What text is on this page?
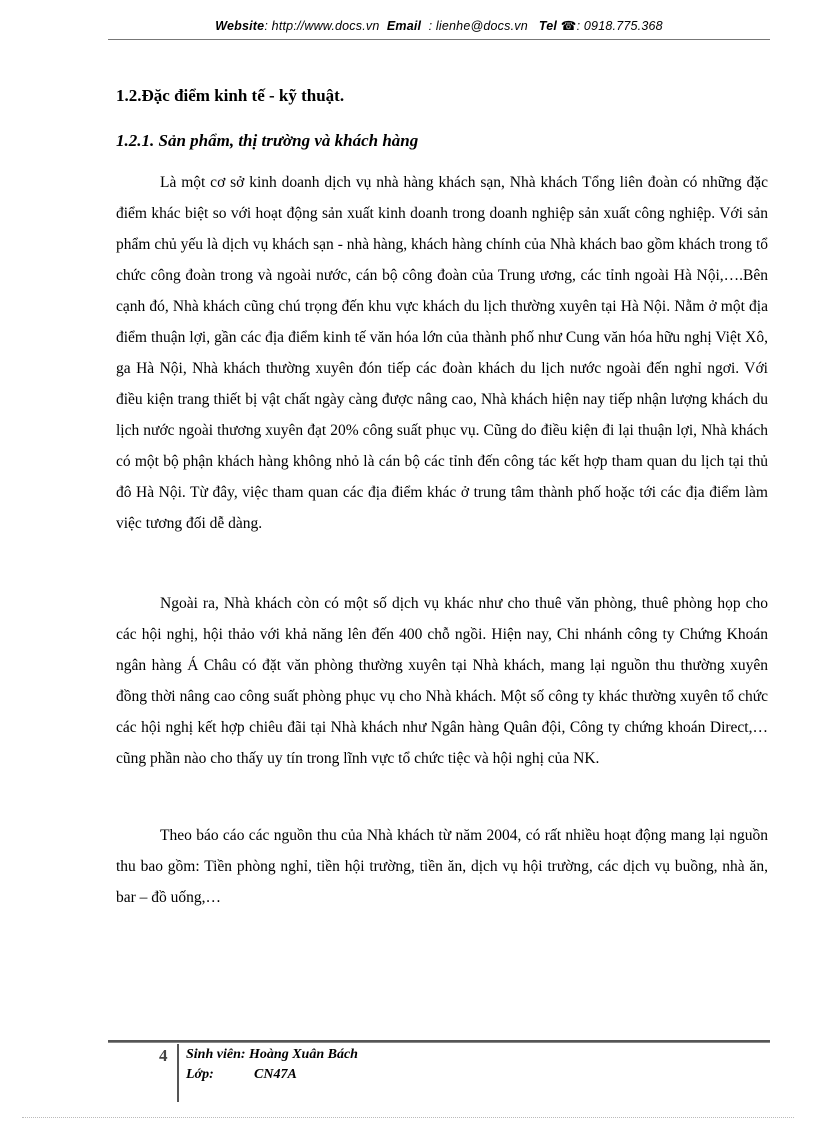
Website: http://www.docs.vn Email : lienhe@docs.vn Tel ☎: 0918.775.368
1.2.Đặc điểm kinh tế - kỹ thuật.
1.2.1. Sản phẩm, thị trường và khách hàng

Là một cơ sở kinh doanh dịch vụ nhà hàng khách sạn, Nhà khách Tổng liên đoàn có những đặc điểm khác biệt so với hoạt động sản xuất kinh doanh trong doanh nghiệp sản xuất công nghiệp. Với sản phẩm chủ yếu là dịch vụ khách sạn - nhà hàng, khách hàng chính của Nhà khách bao gồm khách trong tổ chức công đoàn trong và ngoài nước, cán bộ công đoàn của Trung ương, các tỉnh ngoài Hà Nội,….Bên cạnh đó, Nhà khách cũng chú trọng đến khu vực khách du lịch thường xuyên tại Hà Nội. Nằm ở một địa điểm thuận lợi, gần các địa điểm kinh tế văn hóa lớn của thành phố như Cung văn hóa hữu nghị Việt Xô, ga Hà Nội, Nhà khách thường xuyên đón tiếp các đoàn khách du lịch nước ngoài đến nghỉ ngơi. Với điều kiện trang thiết bị vật chất ngày càng được nâng cao, Nhà khách hiện nay tiếp nhận lượng khách du lịch nước ngoài thương xuyên đạt 20% công suất phục vụ. Cũng do điều kiện đi lại thuận lợi, Nhà khách có một bộ phận khách hàng không nhỏ là cán bộ các tỉnh đến công tác kết hợp tham quan du lịch tại thủ đô Hà Nội. Từ đây, việc tham quan các địa điểm khác ở trung tâm thành phố hoặc tới các địa điểm làm việc tương đối dễ dàng.

Ngoài ra, Nhà khách còn có một số dịch vụ khác như cho thuê văn phòng, thuê phòng họp cho các hội nghị, hội thảo với khả năng lên đến 400 chỗ ngồi. Hiện nay, Chi nhánh công ty Chứng Khoán ngân hàng Á Châu có đặt văn phòng thường xuyên tại Nhà khách, mang lại nguồn thu thường xuyên đồng thời nâng cao công suất phòng phục vụ cho Nhà khách. Một số công ty khác thường xuyên tổ chức các hội nghị kết hợp chiêu đãi tại Nhà khách như Ngân hàng Quân đội, Công ty chứng khoán Direct,… cũng phần nào cho thấy uy tín trong lĩnh vực tổ chức tiệc và hội nghị của NK.

Theo báo cáo các nguồn thu của Nhà khách từ năm 2004, có rất nhiều hoạt động mang lại nguồn thu bao gồm: Tiền phòng nghỉ, tiền hội trường, tiền ăn, dịch vụ hội trường, các dịch vụ buồng, nhà ăn, bar – đồ uống,…

4 Sinh viên: Hoàng Xuân Bách
Lớp:	CN47A
